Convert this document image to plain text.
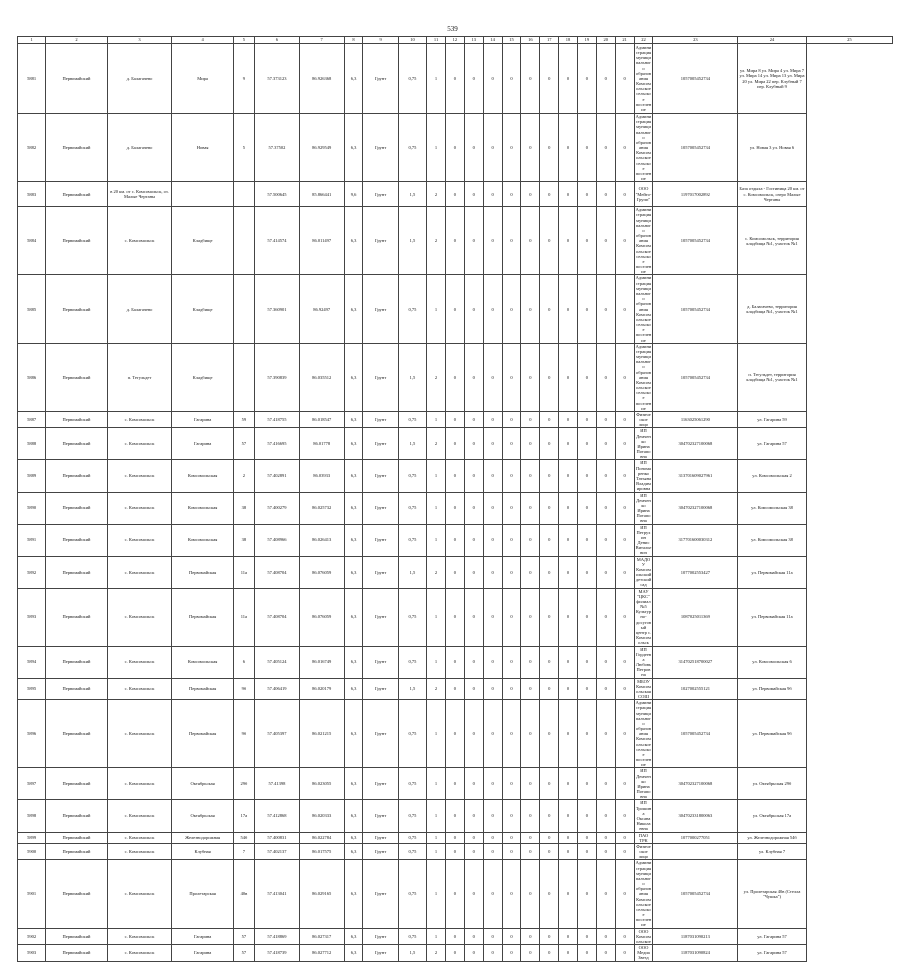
539
1	2	3	4	5	6	7	8	9	10	11	12	13	14	15	16	17	18	19	20	21	22	23	24	25
5881	Первомайский	д. Балагачево	Мира	9	57.373123	86.926368	6,3	Грунт	0,75	1	0	0	0	0	0	0	0	0	0	0	Администрация муниципального образования Комсомольское сельское поселение	1057005452734	ул. Мира 8 ул. Мира 4 ул. Мира 7 ул. Мира 14 ул. Мира 13 ул. Мира 20 ул. Мира 22 пер. Клубный 7 пер. Клубный 9	
5882	Первомайский	д. Балагачево	Новая	5	57.37502	86.929549	6,3	Грунт	0,75	1	0	0	0	0	0	0	0	0	0	0	Администрация муниципального образования Комсомольское сельское поселение	1057005452734	ул. Новая 3 ул. Новая 6	
5883	Первомайский	в 20 км. от с. Комсомольск, оз. Малые Чертаны			57.500645	85.866441	9,6	Грунт	1,5	2	0	0	0	0	0	0	0	0	0	0	ООО "Мейто-Групп"	1197017002892	База отдыха - Гостиница 20 км. от с. Комсомольск, озеро Малые Чертаны	
5884	Первомайский	с. Комсомольск	Кладбище		57.414574	86.011497	6,3	Грунт	1,5	2	0	0	0	0	0	0	0	0	0	0	Администрация муниципального образования Комсомольское сельское поселение	1057005452734	с. Комсомольск, территория кладбища №1, участок №1	
5885	Первомайский	д. Балагачево	Кладбище		57.360901	86.92497	6,3	Грунт	0,75	1	0	0	0	0	0	0	0	0	0	0	Администрация муниципального образования Комсомольское сельское поселение	1057005452734	д. Балагачево, территория кладбища №1, участок №1	
5886	Первомайский	п. Тегульдет	Кладбище		57.390839	86.035512	6,3	Грунт	1,5	2	0	0	0	0	0	0	0	0	0	0	Администрация муниципального образования Комсомольское сельское поселение	1057005452734	п. Тегульдет, территория кладбища №1, участок №1	
5887	Первомайский	с. Комсомольск	Гагарина	59	57.418755	86.018547	6,3	Грунт	0,75	1	0	0	0	0	0	0	0	0	0	0	Физическое лицо	1163025061290	ул. Гагарина 59	
5888	Первомайский	с. Комсомольск	Гагарина	57	57.416695	86.01778	6,3	Грунт	1,5	2	0	0	0	0	0	0	0	0	0	0	ИП Демченко Ирина Потаповна	304702327100068	ул. Гагарина 57	
5889	Первомайский	с. Комсомольск	Комсомольская	2	57.402891	86.03933	6,3	Грунт	0,75	1	0	0	0	0	0	0	0	0	0	0	ИП Пономаренко Татьяна Владимировна	313701609027961	ул. Комсомольская 2	
5890	Первомайский	с. Комсомольск	Комсомольская	38	57.400279	86.025732	6,3	Грунт	0,75	1	0	0	0	0	0	0	0	0	0	0	ИП Демченко Ирина Потаповна	304702327100068	ул. Комсомольская 38	
5891	Первомайский	с. Комсомольск	Комсомольская	38	57.408966	86.026413	6,3	Грунт	0,75	1	0	0	0	0	0	0	0	0	0	0	ИП Петрухин Денис Витальевич	317701600030312	ул. Комсомольская 38	
5892	Первомайский	с. Комсомольск	Первомайская	11а	57.408704	86.076059	6,3	Грунт	1,5	2	0	0	0	0	0	0	0	0	0	0	МАДОУ Комсомольский детский сад	1077002553427	ул. Первомайская 11а	
5893	Первомайский	с. Комсомольск	Первомайская	11а	57.408704	86.076059	6,3	Грунт	0,75	1	0	0	0	0	0	0	0	0	0	0	МАУ "ЦКС" филиал №5 Культурно-досуговый центр с. Комсомольск	1087025011369	ул. Первомайская 11а	
5894	Первомайский	с. Комсомольск	Комсомольская	6	57.405124	86.016749	6,3	Грунт	0,75	1	0	0	0	0	0	0	0	0	0	0	ИП Гордеева Любовь Петровна	314702518700027	ул. Комсомольская 6	
5895	Первомайский	с. Комсомольск	Первомайская	9б	57.406419	86.020179	6,3	Грунт	1,5	2	0	0	0	0	0	0	0	0	0	0	МБОУ Комсомольская СОШ	1027002555121	ул. Первомайская 9б	
5896	Первомайский	с. Комсомольск	Первомайская	9б	57.405397	86.021215	6,3	Грунт	0,75	1	0	0	0	0	0	0	0	0	0	0	Администрация муниципального образования Комсомольское сельское поселение	1057005452734	ул. Первомайская 9б	
5897	Первомайский	с. Комсомольск	Октябрьская	29б	57.41398	86.023055	6,3	Грунт	0,75	1	0	0	0	0	0	0	0	0	0	0	ИП Демченко Ирина Потаповна	304702327100068	ул. Октябрьская 29б	
5898	Первомайский	с. Комсомольск	Октябрьская	17а	57.412868	86.020333	6,3	Грунт	0,75	1	0	0	0	0	0	0	0	0	0	0	ИП Трошина Оксана Николаевна	304702331800063	ул. Октябрьская 17а	
5899	Первомайский	с. Комсомольск	Железнодорожная	54б	57.400831	86.022784	6,3	Грунт	0,75	1	0	0	0	0	0	0	0	0	0	0	ПАО ТРК	1077000277051	ул. Железнодорожная 54б	
5900	Первомайский	с. Комсомольск	Клубная	7	57.402137	86.017575	6,3	Грунт	0,75	1	0	0	0	0	0	0	0	0	0	0	Физическое лицо		ул. Клубная 7	
5901	Первомайский	с. Комсомольск	Пролетарская	40в	57.413041	86.029165	6,3	Грунт	0,75	1	0	0	0	0	0	0	0	0	0	0	Администрация муниципального образования Комсомольское сельское поселение	1057005452734	ул. Пролетарская 40в (Стелла "Чушка")	
5902	Первомайский	с. Комсомольск	Гагарина	57	57.418869	86.027317	6,3	Грунт	0,75	1	0	0	0	0	0	0	0	0	0	0	ООО Комсомольское	1187031090213	ул. Гагарина 57	
5903	Первомайский	с. Комсомольск	Гагарина	57	57.418739	86.027712	6,3	Грунт	1,5	2	0	0	0	0	0	0	0	0	0	0	ООО Медиа Звезд	1187031090824	ул. Гагарина 57	
